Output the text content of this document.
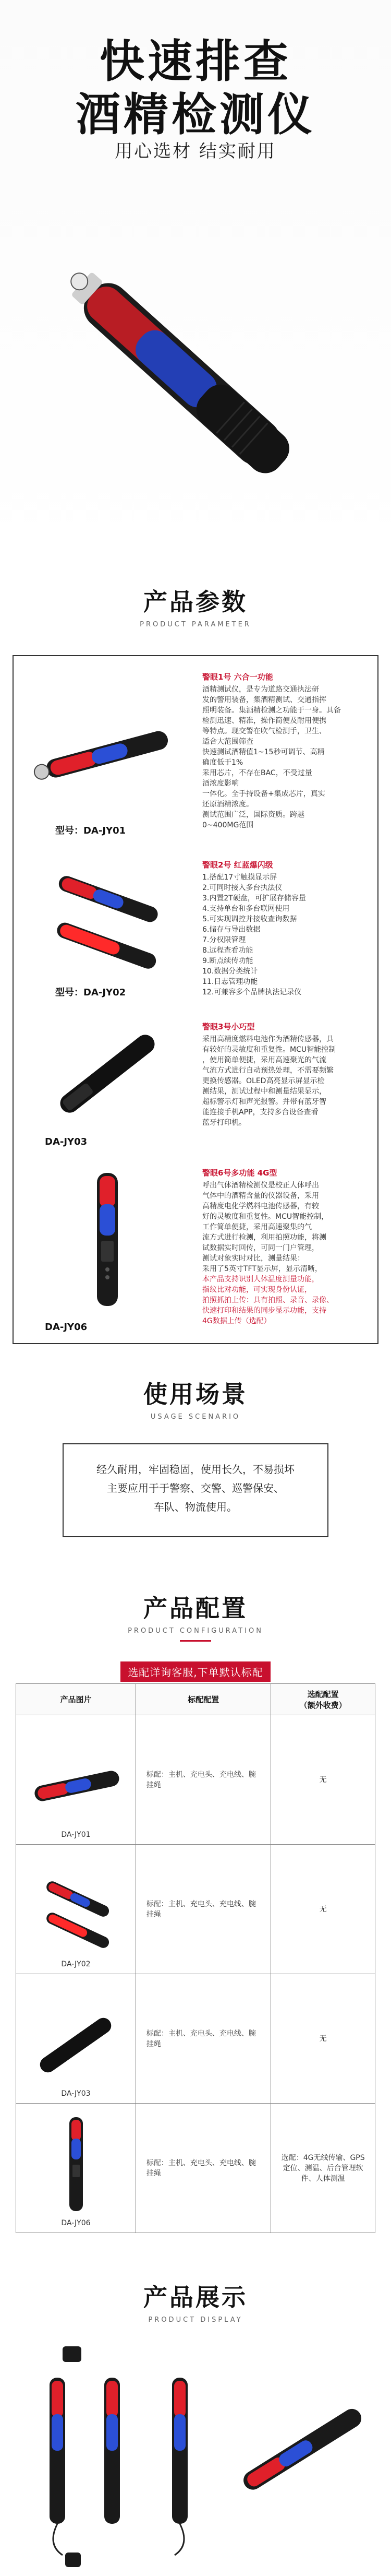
快速排查
酒精检测仪
用心选材 结实耐用
产品参数
PRODUCT PARAMETER
型号：DA-JY01

警眼1号 六合一功能

酒精测试仪，是专为道路交通执法研

发的警用装备，集酒精测试、交通指挥

照明装备。集酒精检测之功能于一身。具备

检测迅速、精准，操作简便及耐用便携

等特点。现交警在吹气检测手，卫生、

适合大范围筛查

快速测试酒精值1~15秒可调节、高精

确度低于1%

采用芯片，不存在BAC，不受过量

酒浓度影响

一体化。全手持设备+集成芯片，真实

还原酒精浓度。

测试范围广泛，国际资质。跨越

0~400MG范围

型号：DA-JY02

警眼2号 红蓝爆闪级

1.搭配17寸触摸显示屏

2.可同时接入多台执法仪

3.内置2T硬盘，可扩展存储容量

4.支持单台和多台联网使用

5.可实现调控并接收查询数据

6.储存与导出数据

7.分权限管理

8.远程查看功能

9.断点续传功能

10.数据分类统计

11.日志管理功能

12.可兼容多个品牌执法记录仪

DA-JY03

警眼3号小巧型

采用高精度燃料电池作为酒精传感器，具

有较好的灵敏度和重复性。MCU智能控制

，使用简单便捷，采用高速聚光的气流

气流方式进行自动预热处理，不需要频繁

更换传感器。OLED高亮显示屏显示检

测结果，测试过程中和测量结果显示，

超标警示灯和声光报警。并带有蓝牙智

能连接手机APP，支持多台设备查看

蓝牙打印机。

DA-JY06

警眼6号多功能 4G型

呼出气体酒精检测仪是校正人体呼出

气体中的酒精含量的仪器设备，采用

高精度电化学燃料电池传感器，有较

好的灵敏度和重复性。MCU智能控制，

工作简单便捷，采用高速聚集的气

流方式进行检测，利用拍照功能，将测

试数据实时回传，可同一门户管理，

测试对象实时对比，测量结果：

采用了5英寸TFT显示屏，显示清晰，

本产品支持识别人体温度测量功能，

指纹比对功能，可实现身份认证，

拍照抓拍上传：具有拍照、录音、录像、

快速打印和结果的同步显示功能，支持

4G数据上传（选配）

使用场景
USAGE SCENARIO
经久耐用，牢固稳固，使用长久，不易损坏
主要应用于于警察、交警、巡警保安、
车队、物流使用。
产品配置
PRODUCT CONFIGURATION
选配详询客服,下单默认标配
产品图片	标配配置	选配配置
（额外收费）

DA-JY01	标配：主机、充电头、充电线、腕挂绳	无

DA-JY02	标配：主机、充电头、充电线、腕挂绳	无

DA-JY03	标配：主机、充电头、充电线、腕挂绳	无

DA-JY06	标配：主机、充电头、充电线、腕挂绳	选配：4G无线传输、GPS定位、测温、后台管理软件、人体测温
产品展示
PRODUCT DISPLAY
